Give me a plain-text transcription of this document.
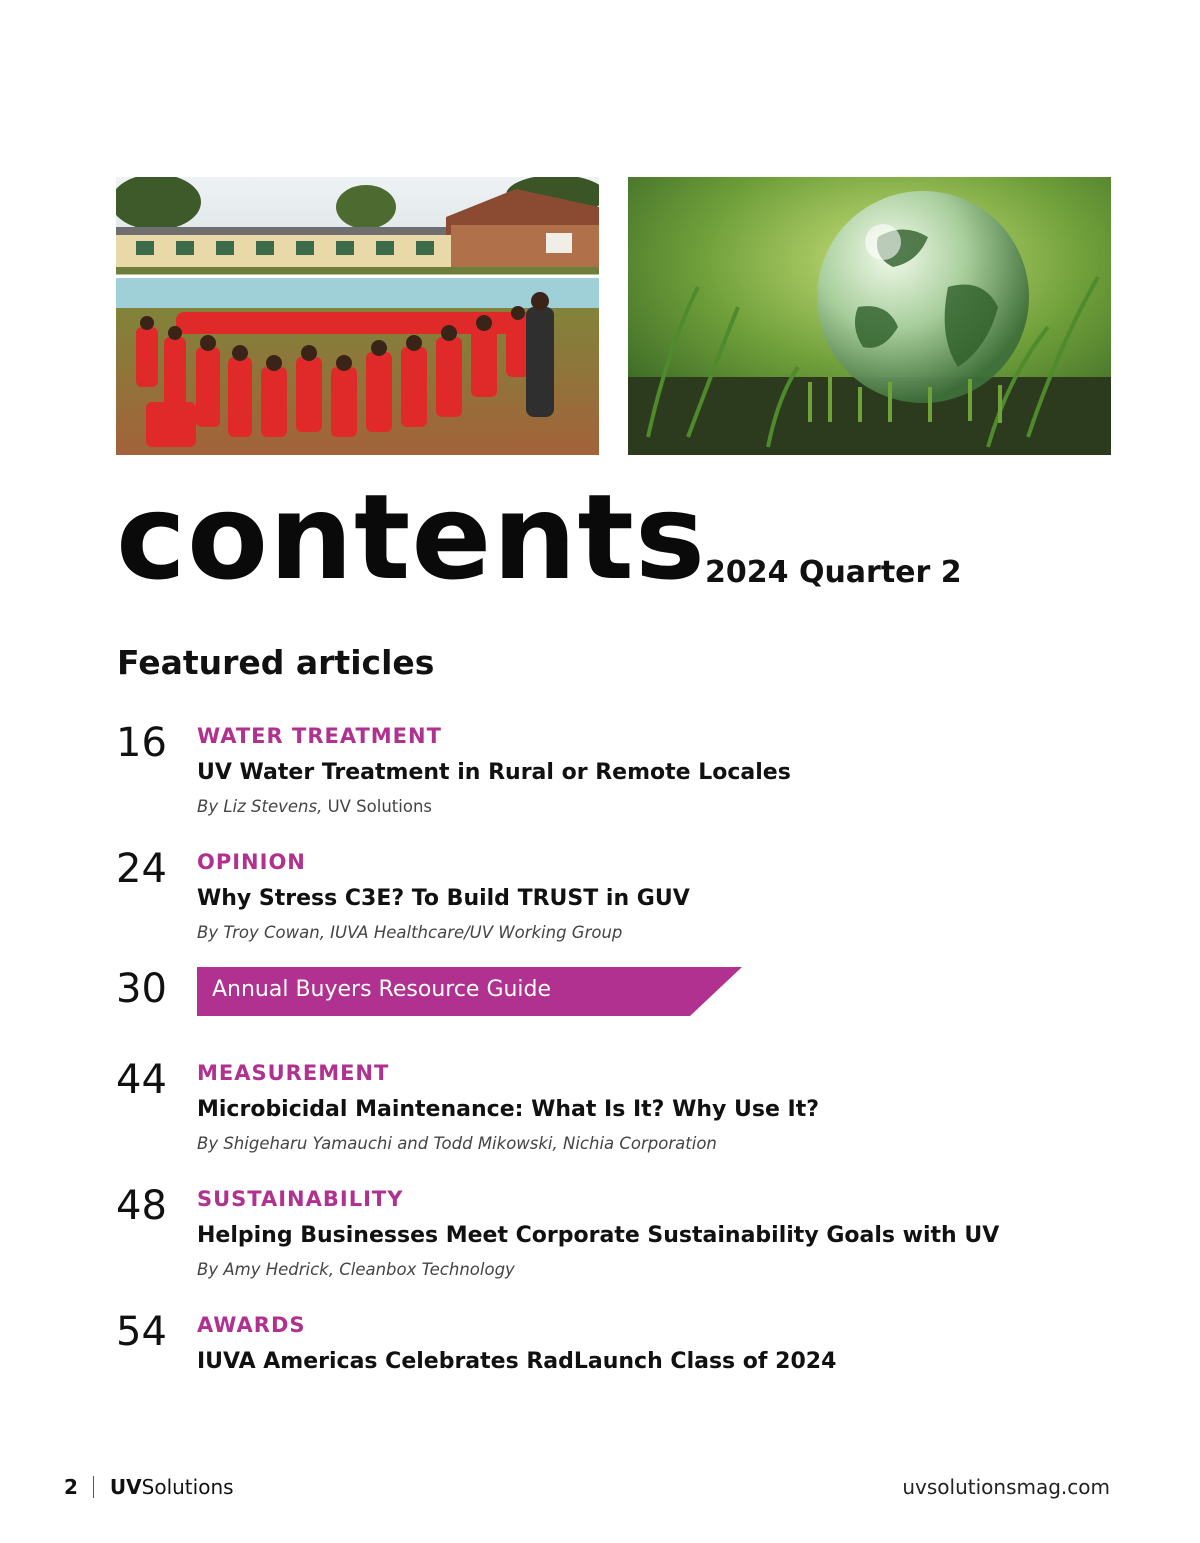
contents
2024 Quarter 2
Featured articles
16	WATER TREATMENT
UV Water Treatment in Rural or Remote Locales
By Liz Stevens, UV Solutions
24	OPINION
Why Stress C3E? To Build TRUST in GUV
By Troy Cowan, IUVA Healthcare/UV Working Group
30	Annual Buyers Resource Guide
44	MEASUREMENT
Microbicidal Maintenance: What Is It? Why Use It?
By Shigeharu Yamauchi and Todd Mikowski, Nichia Corporation
48	SUSTAINABILITY
Helping Businesses Meet Corporate Sustainability Goals with UV
By Amy Hedrick, Cleanbox Technology
54	AWARDS
IUVA Americas Celebrates RadLaunch Class of 2024
2 UVSolutions	uvsolutionsmag.com
